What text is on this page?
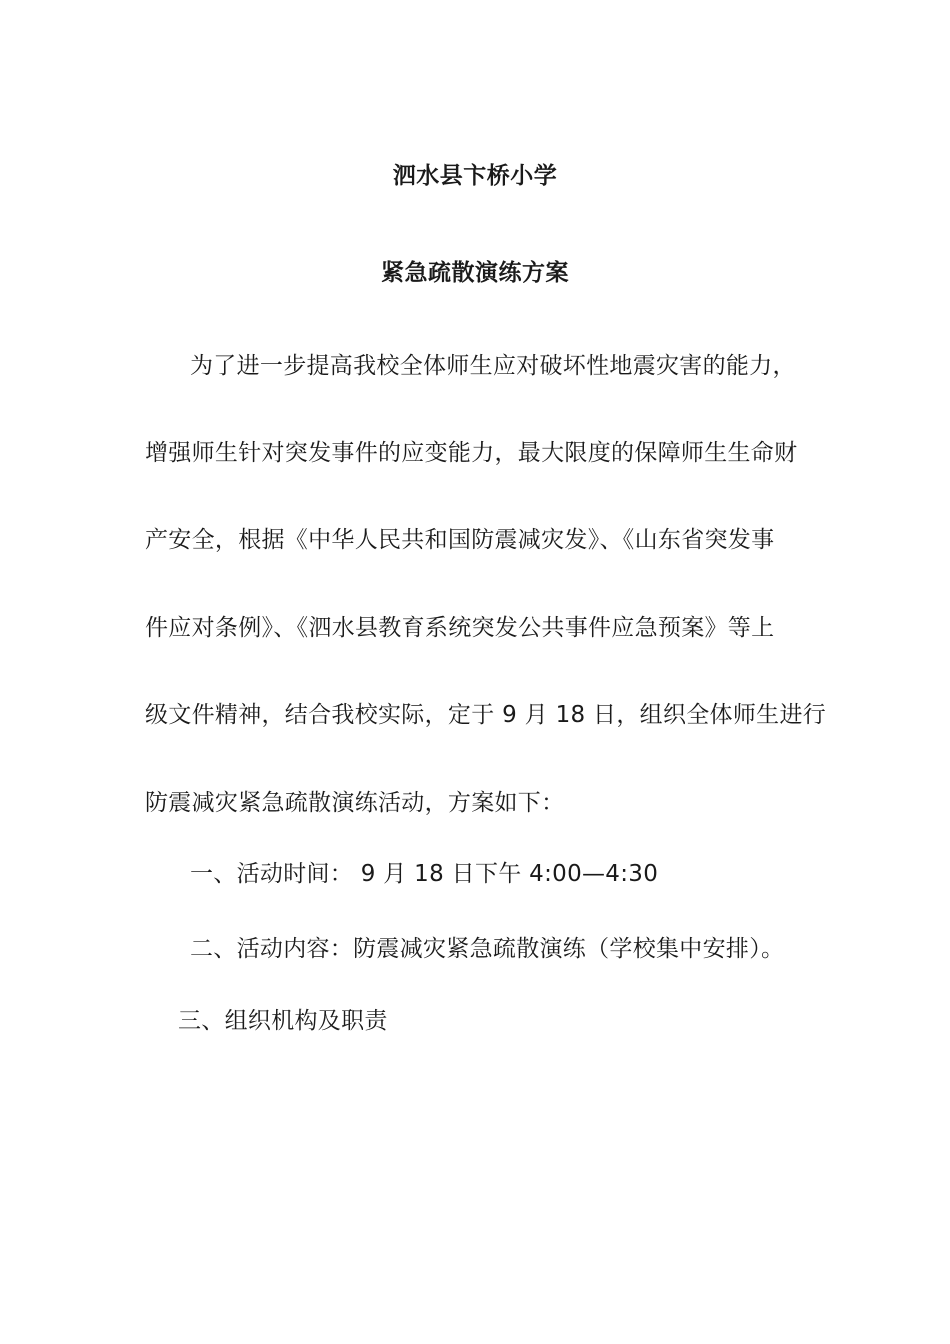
泗水县卞桥小学
紧急疏散演练方案
为了进一步提高我校全体师生应对破坏性地震灾害的能力，
增强师生针对突发事件的应变能力，最大限度的保障师生生命财
产安全，根据《中华人民共和国防震减灾发》、《山东省突发事
件应对条例》、《泗水县教育系统突发公共事件应急预案》等上
级文件精神，结合我校实际，定于 9 月 18 日，组织全体师生进行
防震减灾紧急疏散演练活动，方案如下：
一、活动时间： 9 月 18 日下午 4:00—4:30
二、活动内容：防震减灾紧急疏散演练（学校集中安排）。
三、组织机构及职责
